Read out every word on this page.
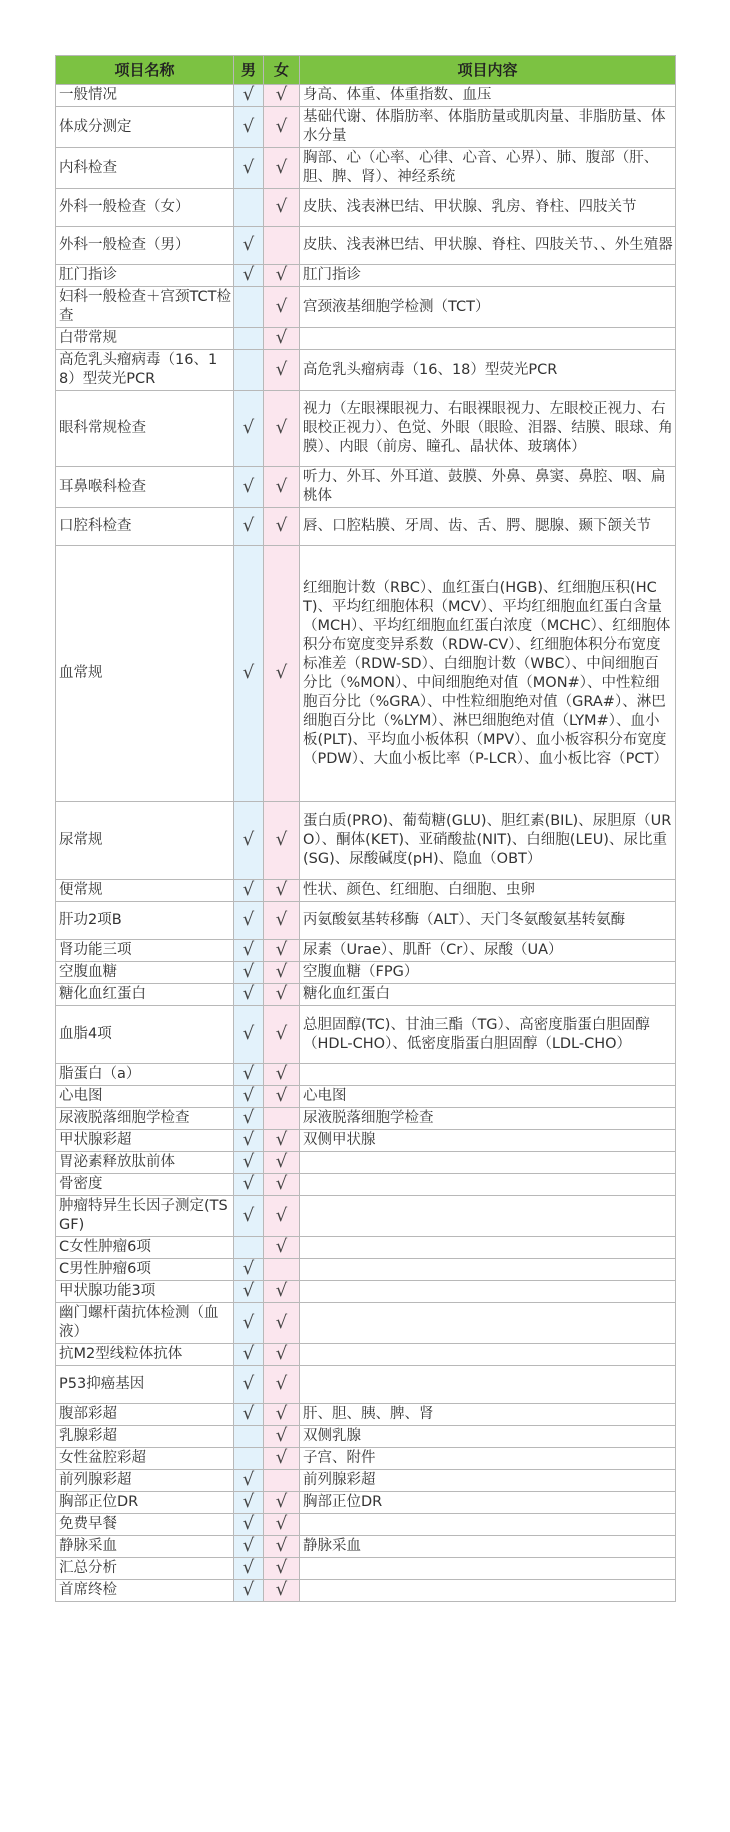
项目名称	男	女	项目内容
一般情况	√	√	身高、体重、体重指数、血压
体成分测定	√	√	基础代谢、体脂肪率、体脂肪量或肌肉量、非脂肪量、体水分量
内科检查	√	√	胸部、心（心率、心律、心音、心界）、肺、腹部（肝、胆、脾、肾）、神经系统
外科一般检查（女）		√	皮肤、浅表淋巴结、甲状腺、乳房、脊柱、四肢关节
外科一般检查（男）	√		皮肤、浅表淋巴结、甲状腺、脊柱、四肢关节、、外生殖器
肛门指诊	√	√	肛门指诊
妇科一般检查＋宫颈TCT检查		√	宫颈液基细胞学检测（TCT）
白带常规		√	
高危乳头瘤病毒（16、18）型荧光PCR		√	高危乳头瘤病毒（16、18）型荧光PCR
眼科常规检查	√	√	视力（左眼裸眼视力、右眼裸眼视力、左眼校正视力、右眼校正视力）、色觉、外眼（眼睑、泪器、结膜、眼球、角膜）、内眼（前房、瞳孔、晶状体、玻璃体）
耳鼻喉科检查	√	√	听力、外耳、外耳道、鼓膜、外鼻、鼻窦、鼻腔、咽、扁桃体
口腔科检查	√	√	唇、口腔粘膜、牙周、齿、舌、腭、腮腺、颞下颌关节
血常规	√	√	红细胞计数（RBC）、血红蛋白(HGB)、红细胞压积(HCT)、平均红细胞体积（MCV）、平均红细胞血红蛋白含量（MCH）、平均红细胞血红蛋白浓度（MCHC）、红细胞体积分布宽度变异系数（RDW-CV）、红细胞体积分布宽度标准差（RDW-SD）、白细胞计数（WBC）、中间细胞百分比（%MON）、中间细胞绝对值（MON#）、中性粒细胞百分比（%GRA）、中性粒细胞绝对值（GRA#）、淋巴细胞百分比（%LYM）、淋巴细胞绝对值（LYM#）、血小板(PLT)、平均血小板体积（MPV）、血小板容积分布宽度（PDW）、大血小板比率（P-LCR）、血小板比容（PCT）
尿常规	√	√	蛋白质(PRO)、葡萄糖(GLU)、胆红素(BIL)、尿胆原（URO）、酮体(KET)、亚硝酸盐(NIT)、白细胞(LEU)、尿比重(SG)、尿酸碱度(pH)、隐血（OBT）
便常规	√	√	性状、颜色、红细胞、白细胞、虫卵
肝功2项B	√	√	丙氨酸氨基转移酶（ALT）、天门冬氨酸氨基转氨酶
肾功能三项	√	√	尿素（Urae）、肌酐（Cr）、尿酸（UA）
空腹血糖	√	√	空腹血糖（FPG）
糖化血红蛋白	√	√	糖化血红蛋白
血脂4项	√	√	总胆固醇(TC)、甘油三酯（TG）、高密度脂蛋白胆固醇（HDL-CHO）、低密度脂蛋白胆固醇（LDL-CHO）
脂蛋白（a）	√	√	
心电图	√	√	心电图
尿液脱落细胞学检查	√		尿液脱落细胞学检查
甲状腺彩超	√	√	双侧甲状腺
胃泌素释放肽前体	√	√	
骨密度	√	√	
肿瘤特异生长因子测定(TSGF)	√	√	
C女性肿瘤6项		√	
C男性肿瘤6项	√		
甲状腺功能3项	√	√	
幽门螺杆菌抗体检测（血液）	√	√	
抗M2型线粒体抗体	√	√	
P53抑癌基因	√	√	
腹部彩超	√	√	肝、胆、胰、脾、肾
乳腺彩超		√	双侧乳腺
女性盆腔彩超		√	子宫、附件
前列腺彩超	√		前列腺彩超
胸部正位DR	√	√	胸部正位DR
免费早餐	√	√	
静脉采血	√	√	静脉采血
汇总分析	√	√	
首席终检	√	√	
